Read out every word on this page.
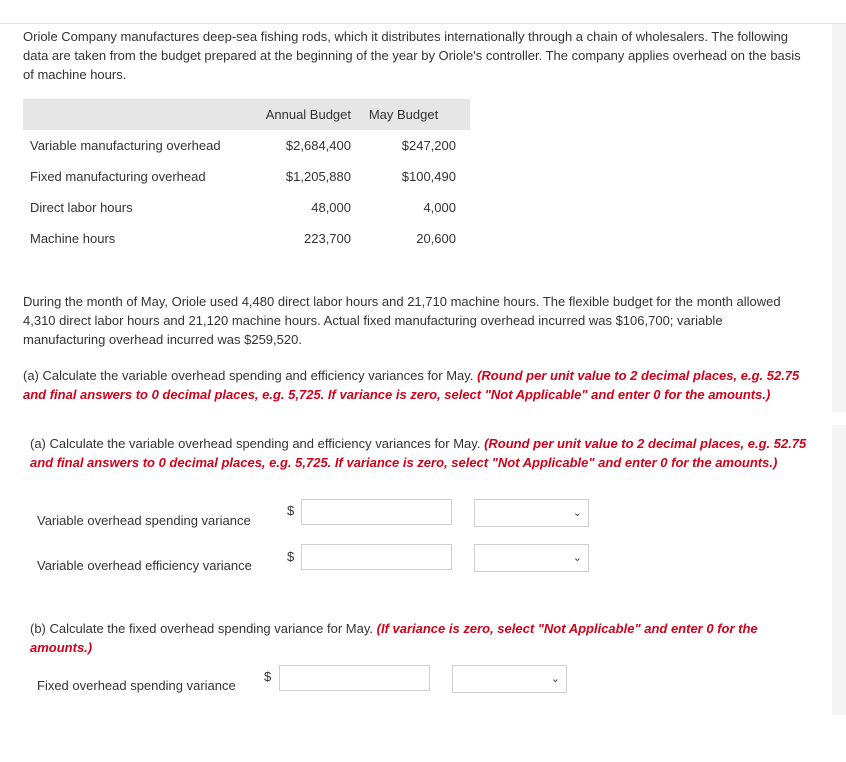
Oriole Company manufactures deep-sea fishing rods, which it distributes internationally through a chain of wholesalers. The following data are taken from the budget prepared at the beginning of the year by Oriole's controller. The company applies overhead on the basis of machine hours.

	Annual Budget	May Budget
Variable manufacturing overhead	$2,684,400	$247,200
Fixed manufacturing overhead	$1,205,880	$100,490
Direct labor hours	48,000	4,000
Machine hours	223,700	20,600

During the month of May, Oriole used 4,480 direct labor hours and 21,710 machine hours. The flexible budget for the month allowed 4,310 direct labor hours and 21,120 machine hours. Actual fixed manufacturing overhead incurred was $106,700; variable manufacturing overhead incurred was $259,520.

(a) Calculate the variable overhead spending and efficiency variances for May. (Round per unit value to 2 decimal places, e.g. 52.75 and final answers to 0 decimal places, e.g. 5,725. If variance is zero, select "Not Applicable" and enter 0 for the amounts.)

(a) Calculate the variable overhead spending and efficiency variances for May. (Round per unit value to 2 decimal places, e.g. 52.75 and final answers to 0 decimal places, e.g. 5,725. If variance is zero, select "Not Applicable" and enter 0 for the amounts.)

Variable overhead spending variance
$	⌄
Variable overhead efficiency variance
$	⌄

(b) Calculate the fixed overhead spending variance for May. (If variance is zero, select "Not Applicable" and enter 0 for the amounts.)

Fixed overhead spending variance
$	⌄
